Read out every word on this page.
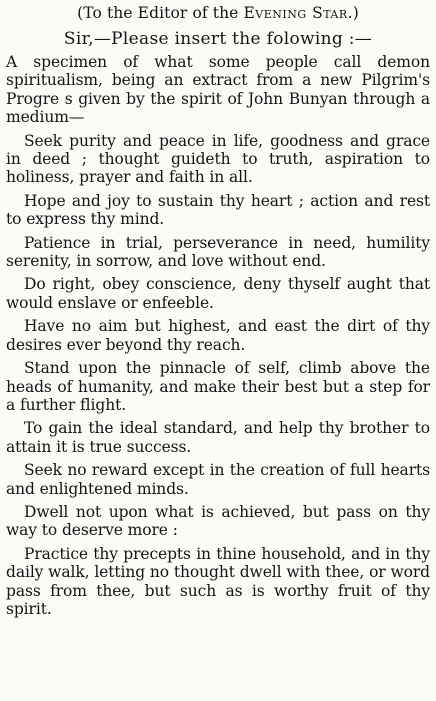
(To the Editor of the Evening Star.)
Sir,—Please insert the folowing :—

A specimen of what some people call demon spiritualism, being an extract from a new Pilgrim's Progre s given by the spirit of John Bunyan through a medium—

Seek purity and peace in life, goodness and grace in deed ; thought guideth to truth, aspiration to holiness, prayer and faith in all.

Hope and joy to sustain thy heart ; action and rest to express thy mind.

Patience in trial, perseverance in need, humility serenity, in sorrow, and love without end.

Do right, obey conscience, deny thyself aught that would enslave or enfeeble.

Have no aim but highest, and east the dirt of thy desires ever beyond thy reach.

Stand upon the pinnacle of self, climb above the heads of humanity, and make their best but a step for a further flight.

To gain the ideal standard, and help thy brother to attain it is true success.

Seek no reward except in the creation of full hearts and enlightened minds.

Dwell not upon what is achieved, but pass on thy way to deserve more :

Practice thy precepts in thine household, and in thy daily walk, letting no thought dwell with thee, or word pass from thee, but such as is worthy fruit of thy spirit.
